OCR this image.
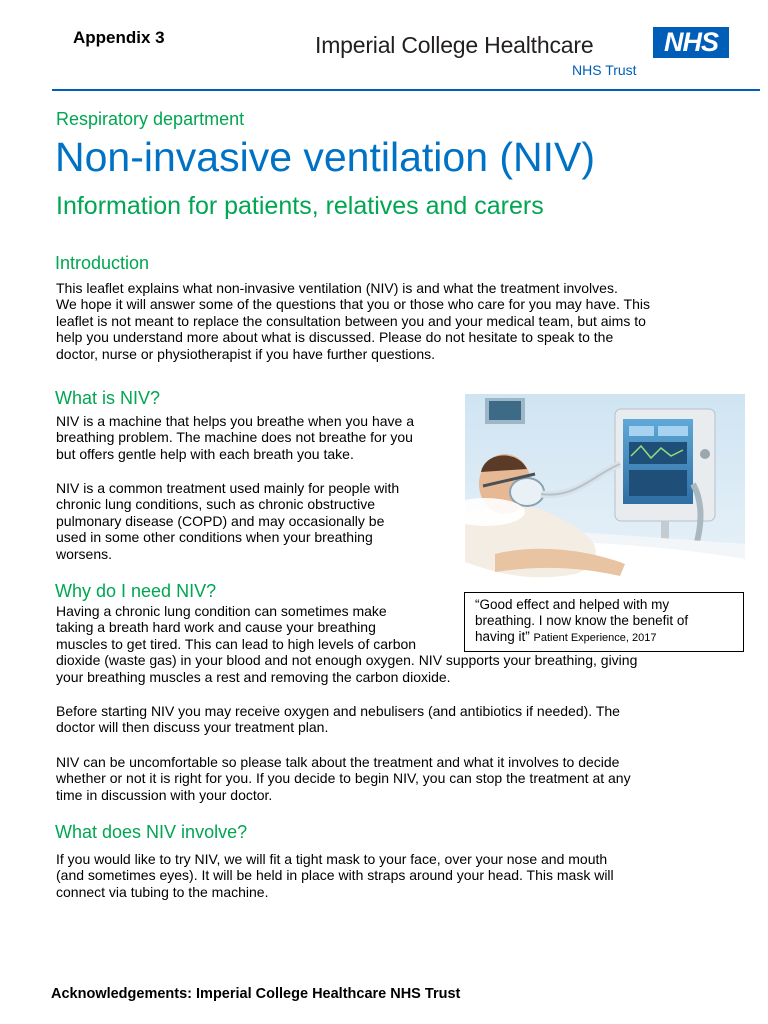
Appendix 3	Imperial College Healthcare	NHS
NHS Trust
Respiratory department
Non-invasive ventilation (NIV)
Information for patients, relatives and carers
Introduction
This leaflet explains what non-invasive ventilation (NIV) is and what the treatment involves.
We hope it will answer some of the questions that you or those who care for you may have. This
leaflet is not meant to replace the consultation between you and your medical team, but aims to
help you understand more about what is discussed. Please do not hesitate to speak to the
doctor, nurse or physiotherapist if you have further questions.
What is NIV?
NIV is a machine that helps you breathe when you have a
breathing problem. The machine does not breathe for you
but offers gentle help with each breath you take.
NIV is a common treatment used mainly for people with
chronic lung conditions, such as chronic obstructive
pulmonary disease (COPD) and may occasionally be
used in some other conditions when your breathing
worsens.
“Good effect and helped with my
breathing. I now know the benefit of
having it” Patient Experience, 2017
Why do I need NIV?
Having a chronic lung condition can sometimes make
taking a breath hard work and cause your breathing
muscles to get tired. This can lead to high levels of carbon
dioxide (waste gas) in your blood and not enough oxygen. NIV supports your breathing, giving
your breathing muscles a rest and removing the carbon dioxide.
Before starting NIV you may receive oxygen and nebulisers (and antibiotics if needed). The
doctor will then discuss your treatment plan.
NIV can be uncomfortable so please talk about the treatment and what it involves to decide
whether or not it is right for you. If you decide to begin NIV, you can stop the treatment at any
time in discussion with your doctor.
What does NIV involve?
If you would like to try NIV, we will fit a tight mask to your face, over your nose and mouth
(and sometimes eyes). It will be held in place with straps around your head. This mask will
connect via tubing to the machine.
Acknowledgements: Imperial College Healthcare NHS Trust
